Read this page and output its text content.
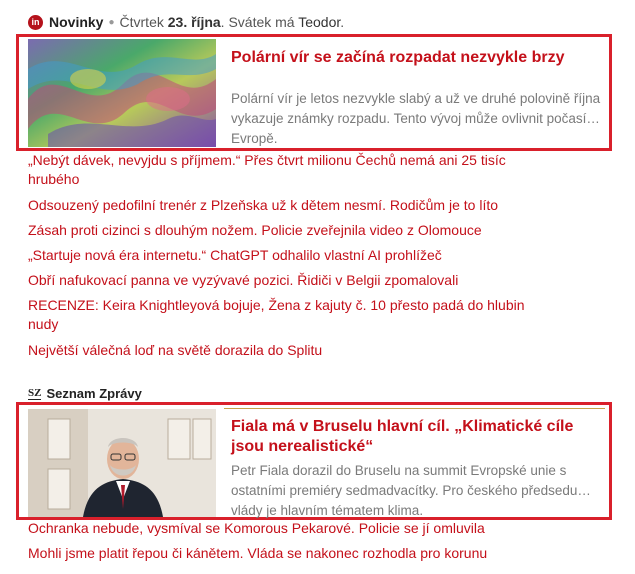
in Novinky ● Čtvrtek 23. října. Svátek má Teodor.
Polární vír se začíná rozpadat nezvykle brzy
Polární vír je letos nezvykle slabý a už ve druhé polovině října vykazuje známky rozpadu. Tento vývoj může ovlivnit počasí v Evropě.
„Nebýt dávek, nevyjdu s příjmem.“ Přes čtvrt milionu Čechů nemá ani 25 tisíc hrubého
Odsouzený pedofilní trenér z Plzeňska už k dětem nesmí. Rodičům je to líto
Zásah proti cizinci s dlouhým nožem. Policie zveřejnila video z Olomouce
„Startuje nová éra internetu.“ ChatGPT odhalilo vlastní AI prohlížeč
Obří nafukovací panna ve vyzývavé pozici. Řidiči v Belgii zpomalovali
RECENZE: Keira Knightleyová bojuje, Žena z kajuty č. 10 přesto padá do hlubin nudy
Největší válečná loď na světě dorazila do Splitu
SZ Seznam Zprávy
Fiala má v Bruselu hlavní cíl. „Klimatické cíle jsou nerealistické“
Petr Fiala dorazil do Bruselu na summit Evropské unie s ostatními premiéry sedmadvacítky. Pro českého předsedu vlády je hlavním tématem klima.
Ochranka nebude, vysmíval se Komorous Pekarové. Policie se jí omluvila
Mohli jsme platit řepou či kánětem. Vláda se nakonec rozhodla pro korunu
